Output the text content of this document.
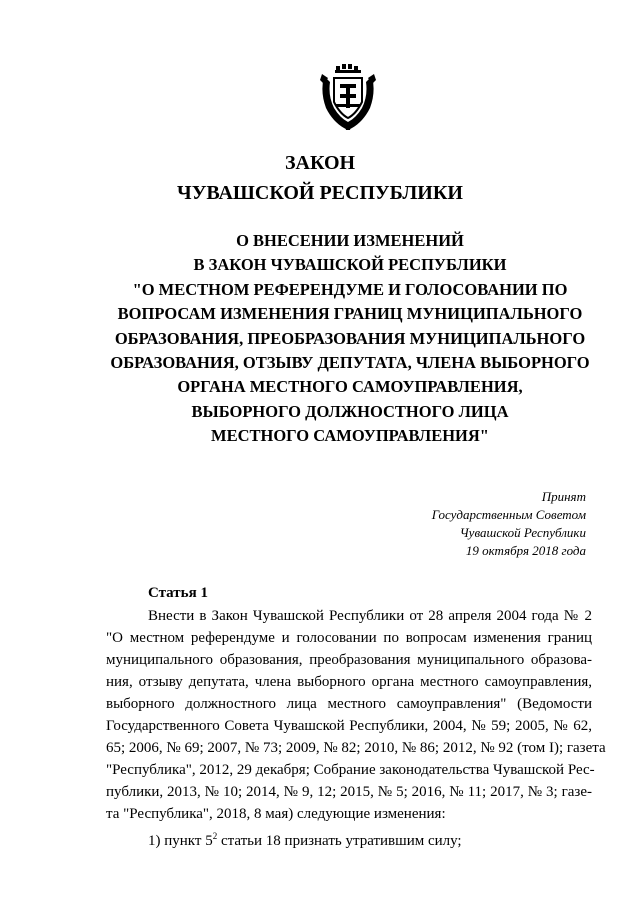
ЗАКОН
ЧУВАШСКОЙ РЕСПУБЛИКИ
О ВНЕСЕНИИ ИЗМЕНЕНИЙ
В ЗАКОН ЧУВАШСКОЙ РЕСПУБЛИКИ
"О МЕСТНОМ РЕФЕРЕНДУМЕ И ГОЛОСОВАНИИ ПО
ВОПРОСАМ ИЗМЕНЕНИЯ ГРАНИЦ МУНИЦИПАЛЬНОГО
ОБРАЗОВАНИЯ, ПРЕОБРАЗОВАНИЯ МУНИЦИПАЛЬНОГО
ОБРАЗОВАНИЯ, ОТЗЫВУ ДЕПУТАТА, ЧЛЕНА ВЫБОРНОГО
ОРГАНА МЕСТНОГО САМОУПРАВЛЕНИЯ,
ВЫБОРНОГО ДОЛЖНОСТНОГО ЛИЦА
МЕСТНОГО САМОУПРАВЛЕНИЯ"
Принят
Государственным Советом
Чувашской Республики
19 октября 2018 года
Статья 1
Внести в Закон Чувашской Республики от 28 апреля 2004 года № 2
"О местном референдуме и голосовании по вопросам изменения границ
муниципального образования, преобразования муниципального образова-
ния, отзыву депутата, члена выборного органа местного самоуправления,
выборного должностного лица местного самоуправления" (Ведомости
Государственного Совета Чувашской Республики, 2004, № 59; 2005, № 62,
65; 2006, № 69; 2007, № 73; 2009, № 82; 2010, № 86; 2012, № 92 (том I); газета
"Республика", 2012, 29 декабря; Собрание законодательства Чувашской Рес-
публики, 2013, № 10; 2014, № 9, 12; 2015, № 5; 2016, № 11; 2017, № 3; газе-
та "Республика", 2018, 8 мая) следующие изменения:
1) пункт $5^2$ статьи 18 признать утратившим силу;
